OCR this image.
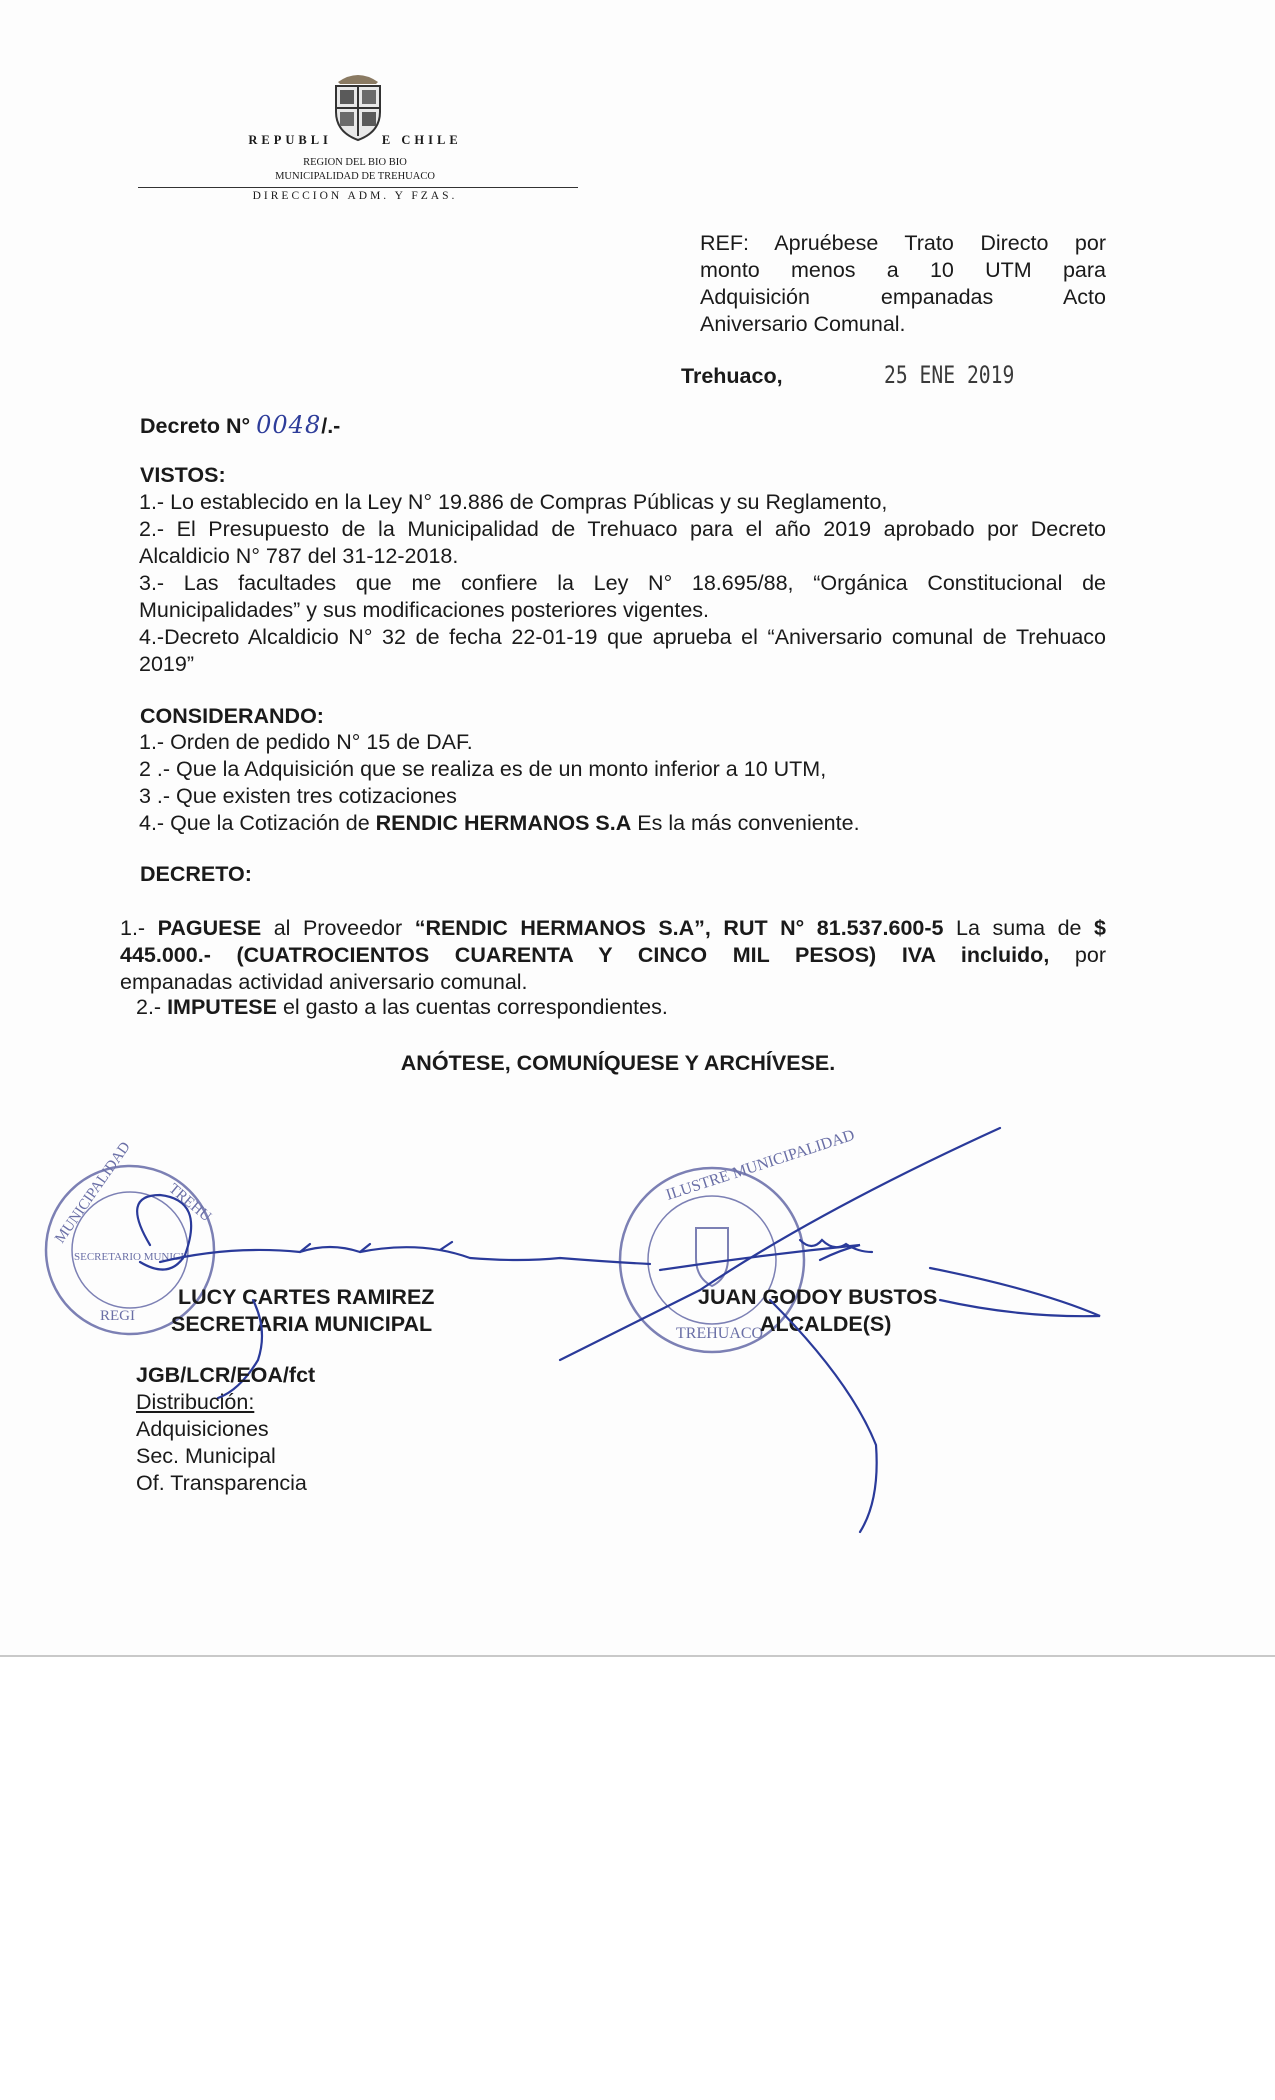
REPUBLI	E CHILE
REGION DEL BIO BIO
MUNICIPALIDAD DE TREHUACO
DIRECCION ADM. Y FZAS.
REF: Apruébese Trato Directo por
monto menos a 10 UTM para
Adquisición empanadas Acto
Aniversario Comunal.
Trehuaco,	25 ENE 2019
Decreto N° 0048/.-
VISTOS:
1.- Lo establecido en la Ley N° 19.886 de Compras Públicas y su Reglamento,
2.- El Presupuesto de la Municipalidad de Trehuaco para el año 2019 aprobado por Decreto
Alcaldicio N° 787 del 31-12-2018.
3.- Las facultades que me confiere la Ley N° 18.695/88, “Orgánica Constitucional de
Municipalidades” y sus modificaciones posteriores vigentes.
4.-Decreto Alcaldicio N° 32 de fecha 22-01-19 que aprueba el “Aniversario comunal de Trehuaco
2019”
CONSIDERANDO:
1.- Orden de pedido N° 15 de DAF.
2 .- Que la Adquisición que se realiza es de un monto inferior a 10 UTM,
3 .- Que existen tres cotizaciones
4.- Que la Cotización de RENDIC HERMANOS S.A Es la más conveniente.
DECRETO:
1.- PAGUESE al Proveedor “RENDIC HERMANOS S.A”, RUT N° 81.537.600-5 La suma de $
445.000.- (CUATROCIENTOS CUARENTA Y CINCO MIL PESOS) IVA incluido, por
empanadas actividad aniversario comunal.
2.- IMPUTESE el gasto a las cuentas correspondientes.
ANÓTESE, COMUNÍQUESE Y ARCHÍVESE.
MUNICIPALIDAD TREHU
SECRETARIO MUNICI
REGI
ILUSTRE MUNICIPALIDAD
TREHUACO
LUCY CARTES RAMIREZ
SECRETARIA MUNICIPAL
JUAN GODOY BUSTOS
ALCALDE(S)
JGB/LCR/EOA/fct
Distribución:
Adquisiciones
Sec. Municipal
Of. Transparencia
